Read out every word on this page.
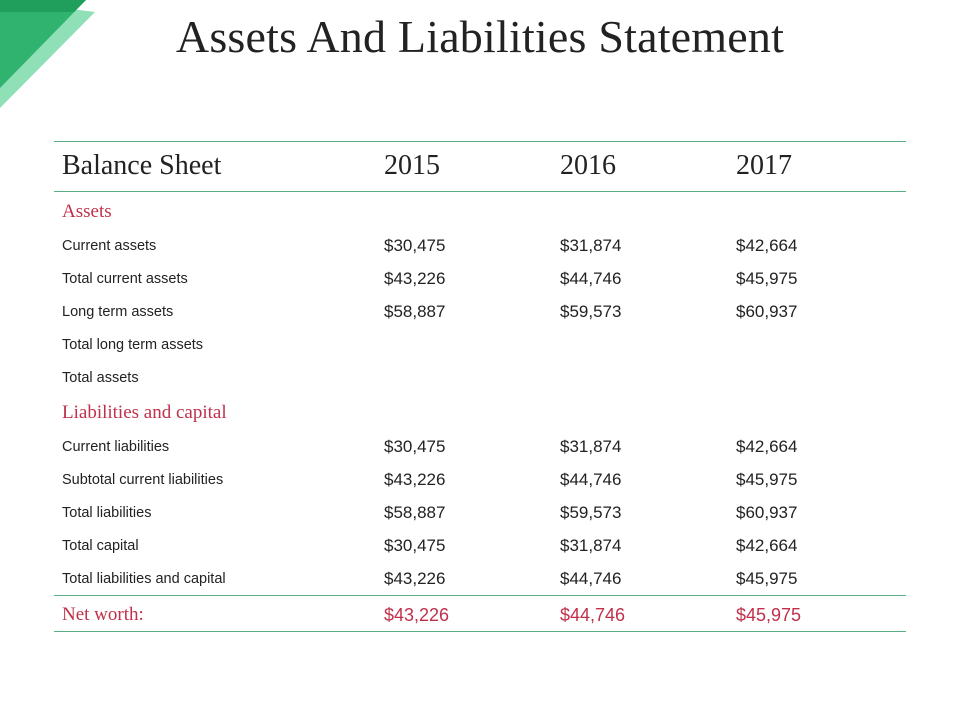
Assets And Liabilities Statement
Balance Sheet	2015	2016	2017
Assets
Current assets	$30,475	$31,874	$42,664
Total current assets	$43,226	$44,746	$45,975
Long term assets	$58,887	$59,573	$60,937
Total long term assets
Total assets
Liabilities and capital
Current liabilities	$30,475	$31,874	$42,664
Subtotal current liabilities	$43,226	$44,746	$45,975
Total liabilities	$58,887	$59,573	$60,937
Total capital	$30,475	$31,874	$42,664
Total liabilities and capital	$43,226	$44,746	$45,975
Net worth:	$43,226	$44,746	$45,975
